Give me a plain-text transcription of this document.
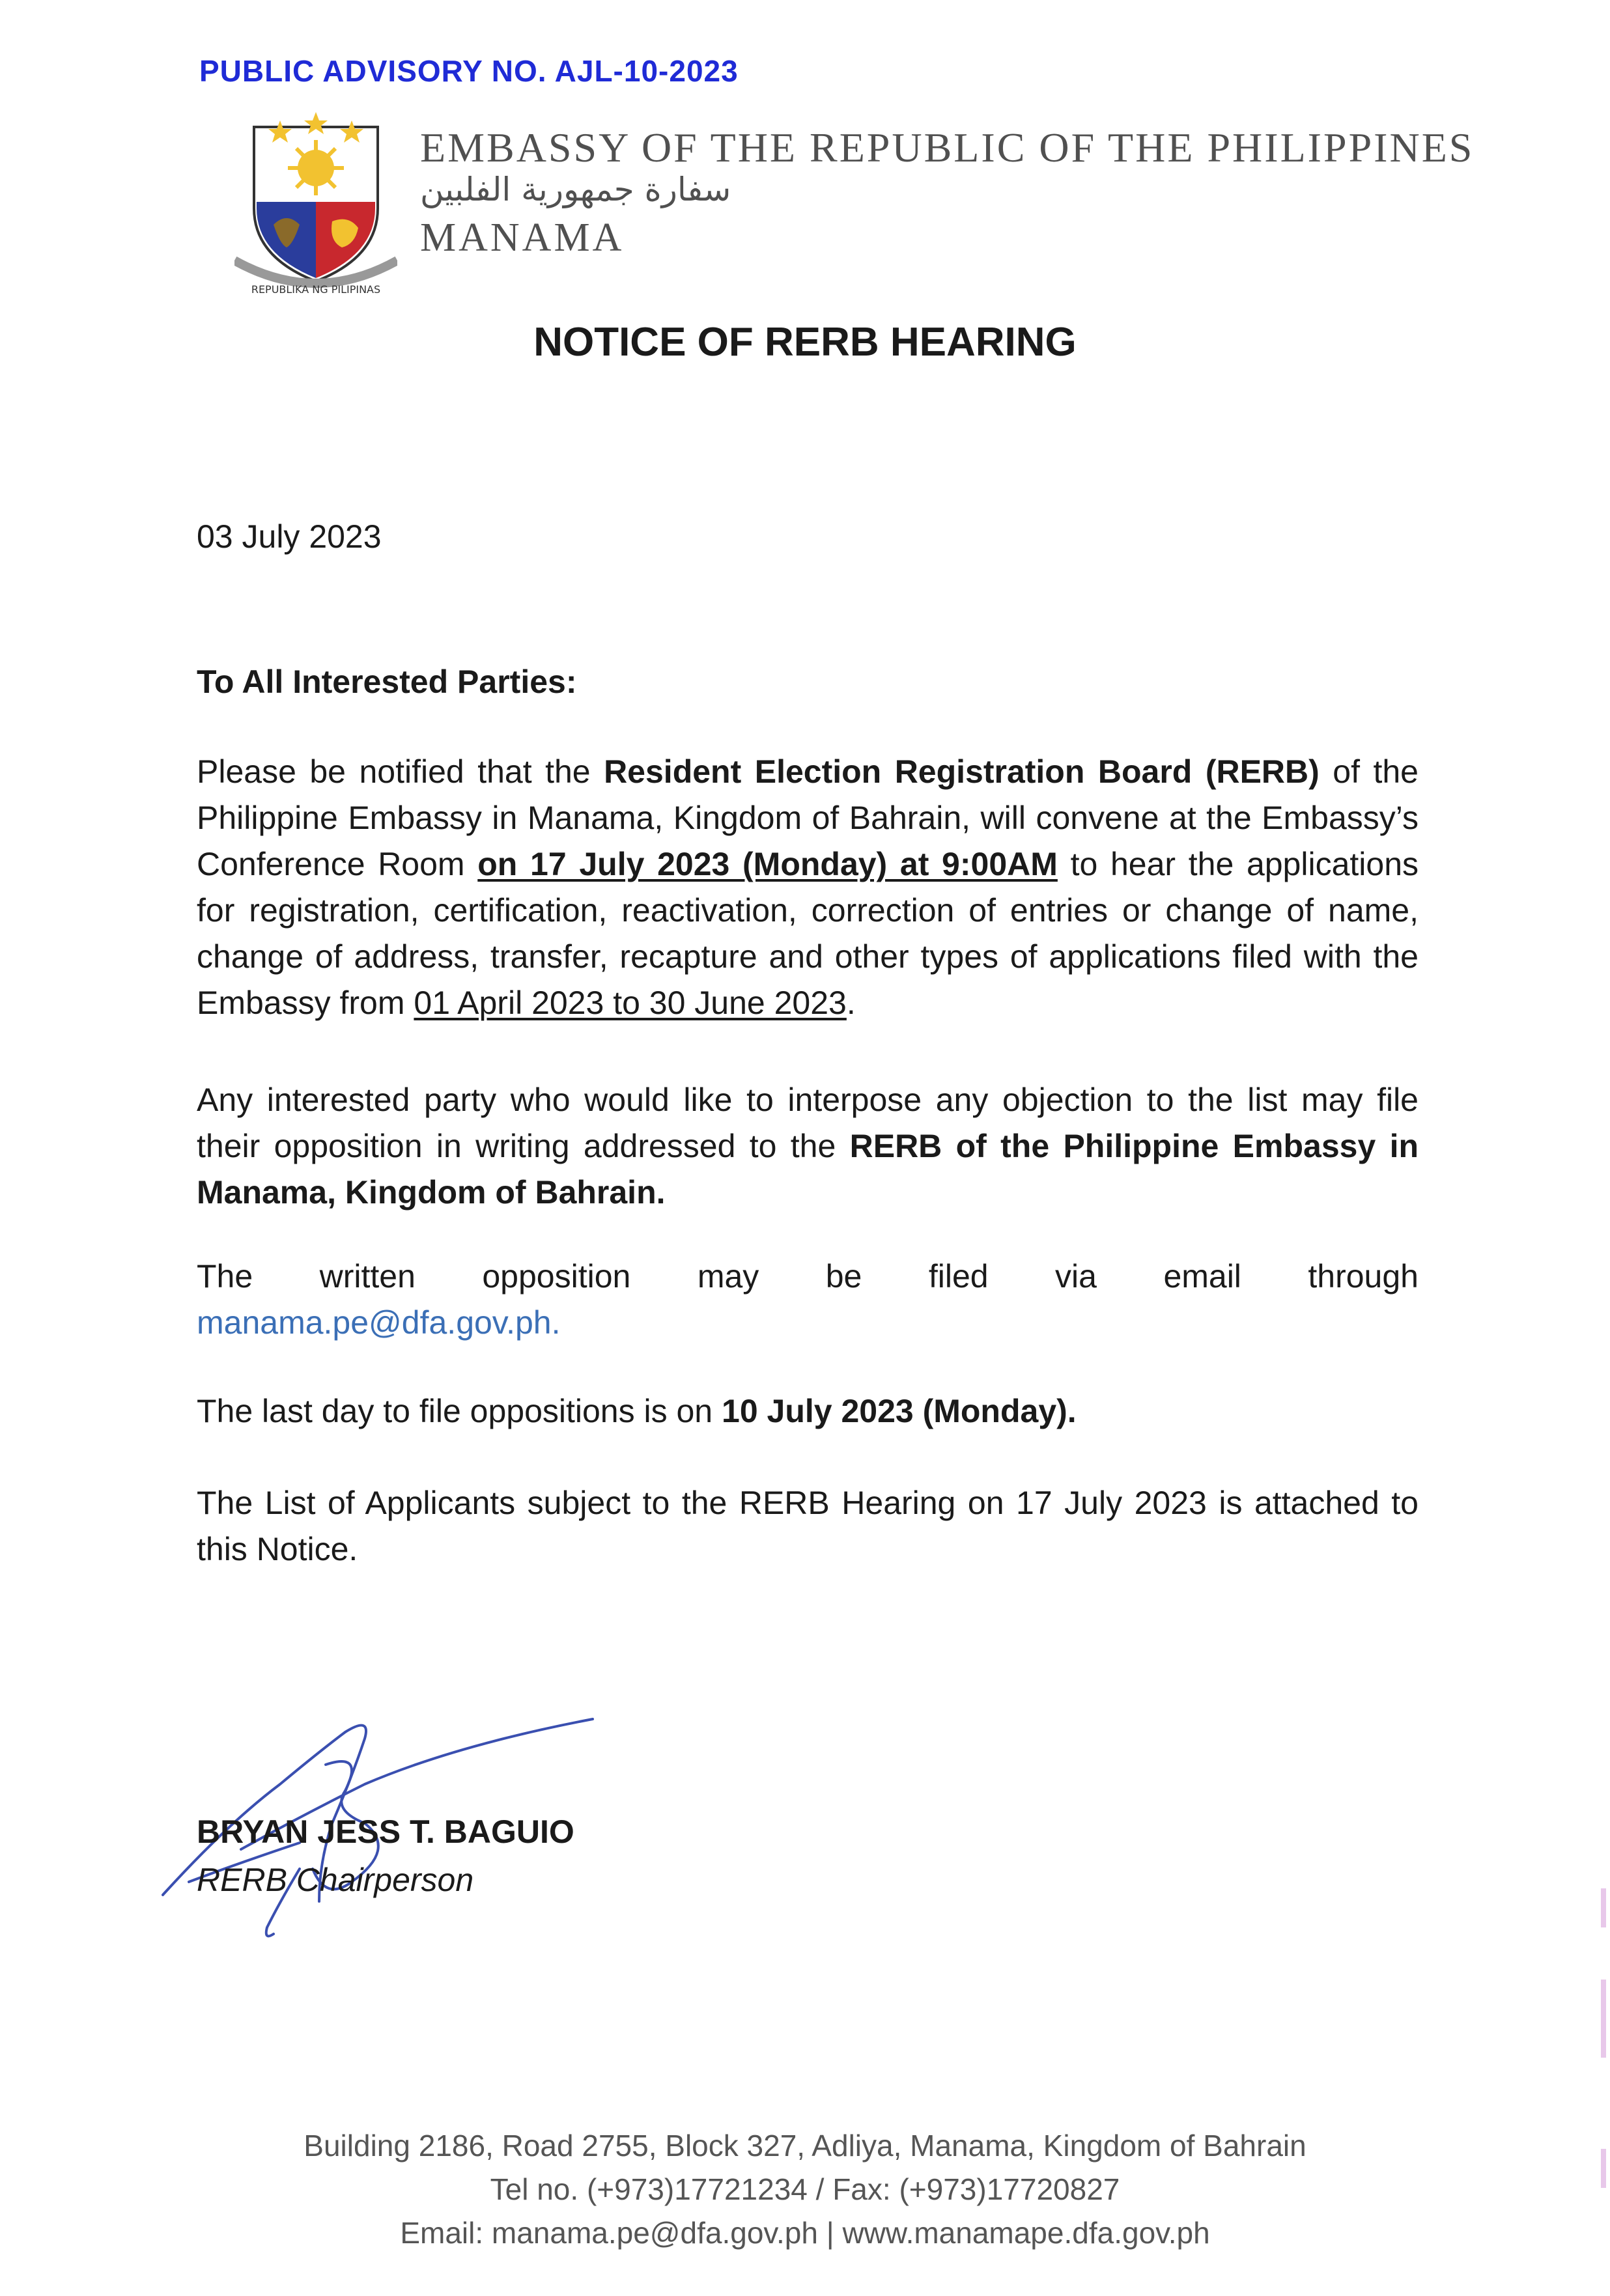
PUBLIC ADVISORY NO. AJL-10-2023
REPUBLIKA NG PILIPINAS
EMBASSY OF THE REPUBLIC OF THE PHILIPPINES
سفارة جمهورية الفلبين
MANAMA
NOTICE OF RERB HEARING
03 July 2023
To All Interested Parties:
Please be notified that the Resident Election Registration Board (RERB) of the Philippine Embassy in Manama, Kingdom of Bahrain, will convene at the Embassy’s Conference Room on 17 July 2023 (Monday) at 9:00AM to hear the applications for registration, certification, reactivation, correction of entries or change of name, change of address, transfer, recapture and other types of applications filed with the Embassy from 01 April 2023 to 30 June 2023.
Any interested party who would like to interpose any objection to the list may file their opposition in writing addressed to the RERB of the Philippine Embassy in Manama, Kingdom of Bahrain.
The written opposition may be filed via email through
manama.pe@dfa.gov.ph.
The last day to file oppositions is on 10 July 2023 (Monday).
The List of Applicants subject to the RERB Hearing on 17 July 2023 is attached to this Notice.
BRYAN JESS T. BAGUIO
RERB Chairperson
Building 2186, Road 2755, Block 327, Adliya, Manama, Kingdom of Bahrain
Tel no. (+973)17721234 / Fax: (+973)17720827
Email: manama.pe@dfa.gov.ph | www.manamape.dfa.gov.ph
